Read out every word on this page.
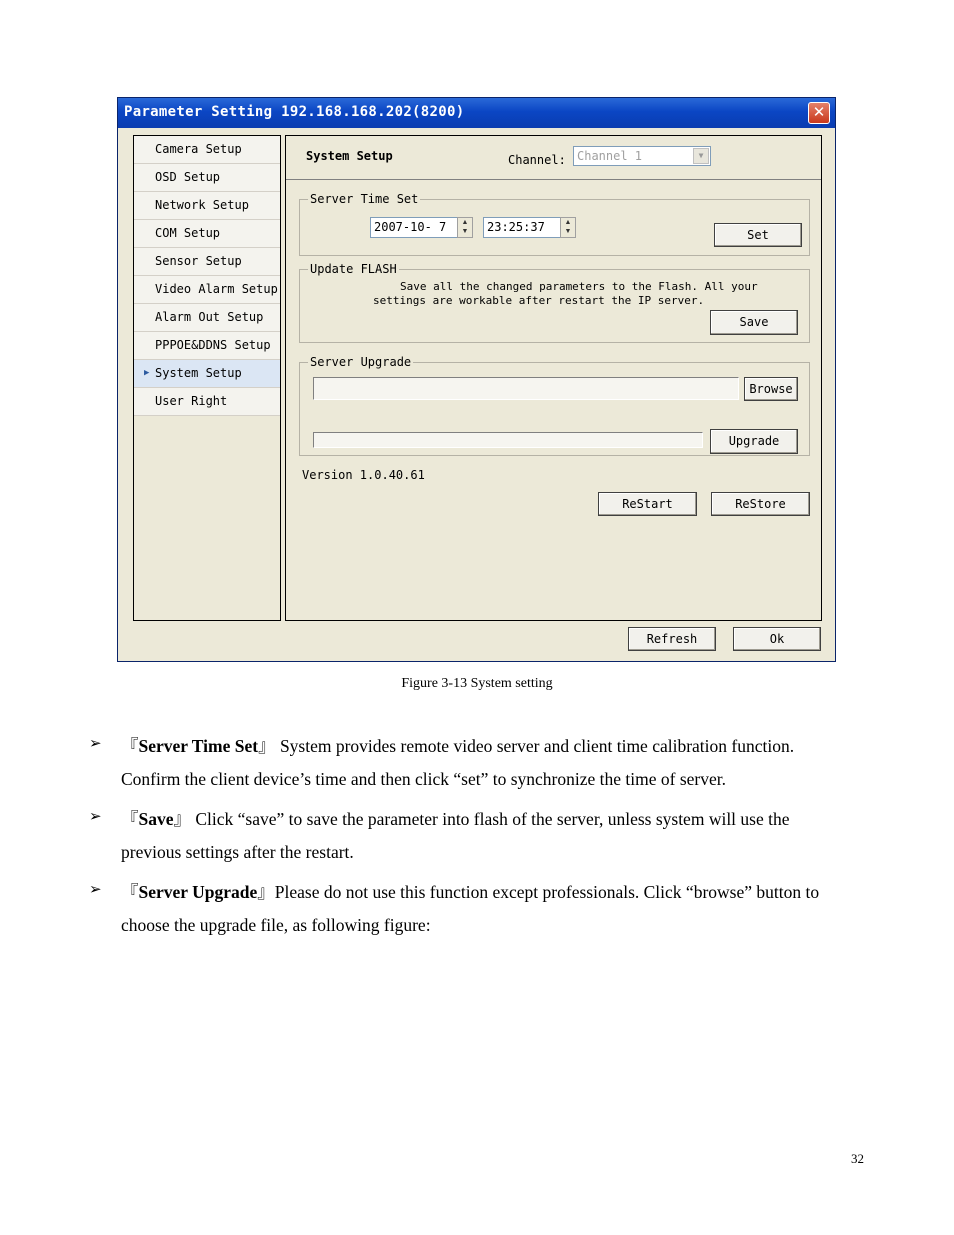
Parameter Setting 192.168.168.202(8200)	✕
Camera Setup
OSD Setup
Network Setup
COM Setup
Sensor Setup
Video Alarm Setup
Alarm Out Setup
PPPOE&DDNS Setup
▶ System Setup
User Right
System Setup	Channel: Channel 1	▼
Server Time Set
2007-10- 7	▲
▼	23:25:37	▲
▼	Set
Update FLASH
Save all the changed parameters to the Flash. All your
settings are workable after restart the IP server.
Save
Server Upgrade
Browse
Upgrade
Version 1.0.40.61
ReStart	ReStore
Refresh	Ok
Figure 3-13 System setting
➢ 『Server Time Set』 System provides remote video server and client time calibration function.
Confirm the client device’s time and then click “set” to synchronize the time of server.
➢ 『Save』 Click “save” to save the parameter into flash of the server, unless system will use the
previous settings after the restart.
➢ 『Server Upgrade』Please do not use this function except professionals. Click “browse” button to
choose the upgrade file, as following figure:
32
